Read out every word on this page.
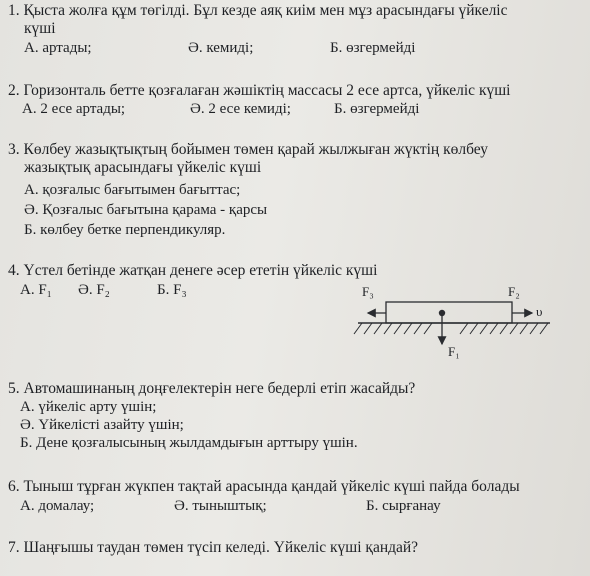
1. Қыста жолға құм төгілді. Бұл кезде аяқ киім мен мұз арасындағы үйкеліс
күші
А. артады;	Ә. кемиді;	Б. өзгермейді
2. Горизонталь бетте қозғалаған жәшіктің массасы 2 есе артса, үйкеліс күші
А. 2 есе артады;	Ә. 2 есе кемиді;	Б. өзгермейді
3. Көлбеу жазықтықтың бойымен төмен қарай жылжыған жүктің көлбеу
жазықтық арасындағы үйкеліс күші
А. қозғалыс бағытымен бағыттас;
Ә. Қозғалыс бағытына қарама - қарсы
Б. көлбеу бетке перпендикуляр.
4. Үстел бетінде жатқан денеге әсер ететін үйкеліс күші
А. F₁ Ә. F₂	Б. F₃	F₃	F₂
υ
F₁
5. Автомашинаның доңғелектерін неге бедерлі етіп жасайды?
А. үйкеліс арту үшін;
Ә. Үйкелісті азайту үшін;
Б. Дене қозғалысының жылдамдығын арттыру үшін.
6. Тыныш тұрған жүкпен тақтай арасында қандай үйкеліс күші пайда болады
А. домалау;	Ә. тыныштық;	Б. сырғанау
7. Шаңғышы таудан төмен түсіп келеді. Үйкеліс күші қандай?
